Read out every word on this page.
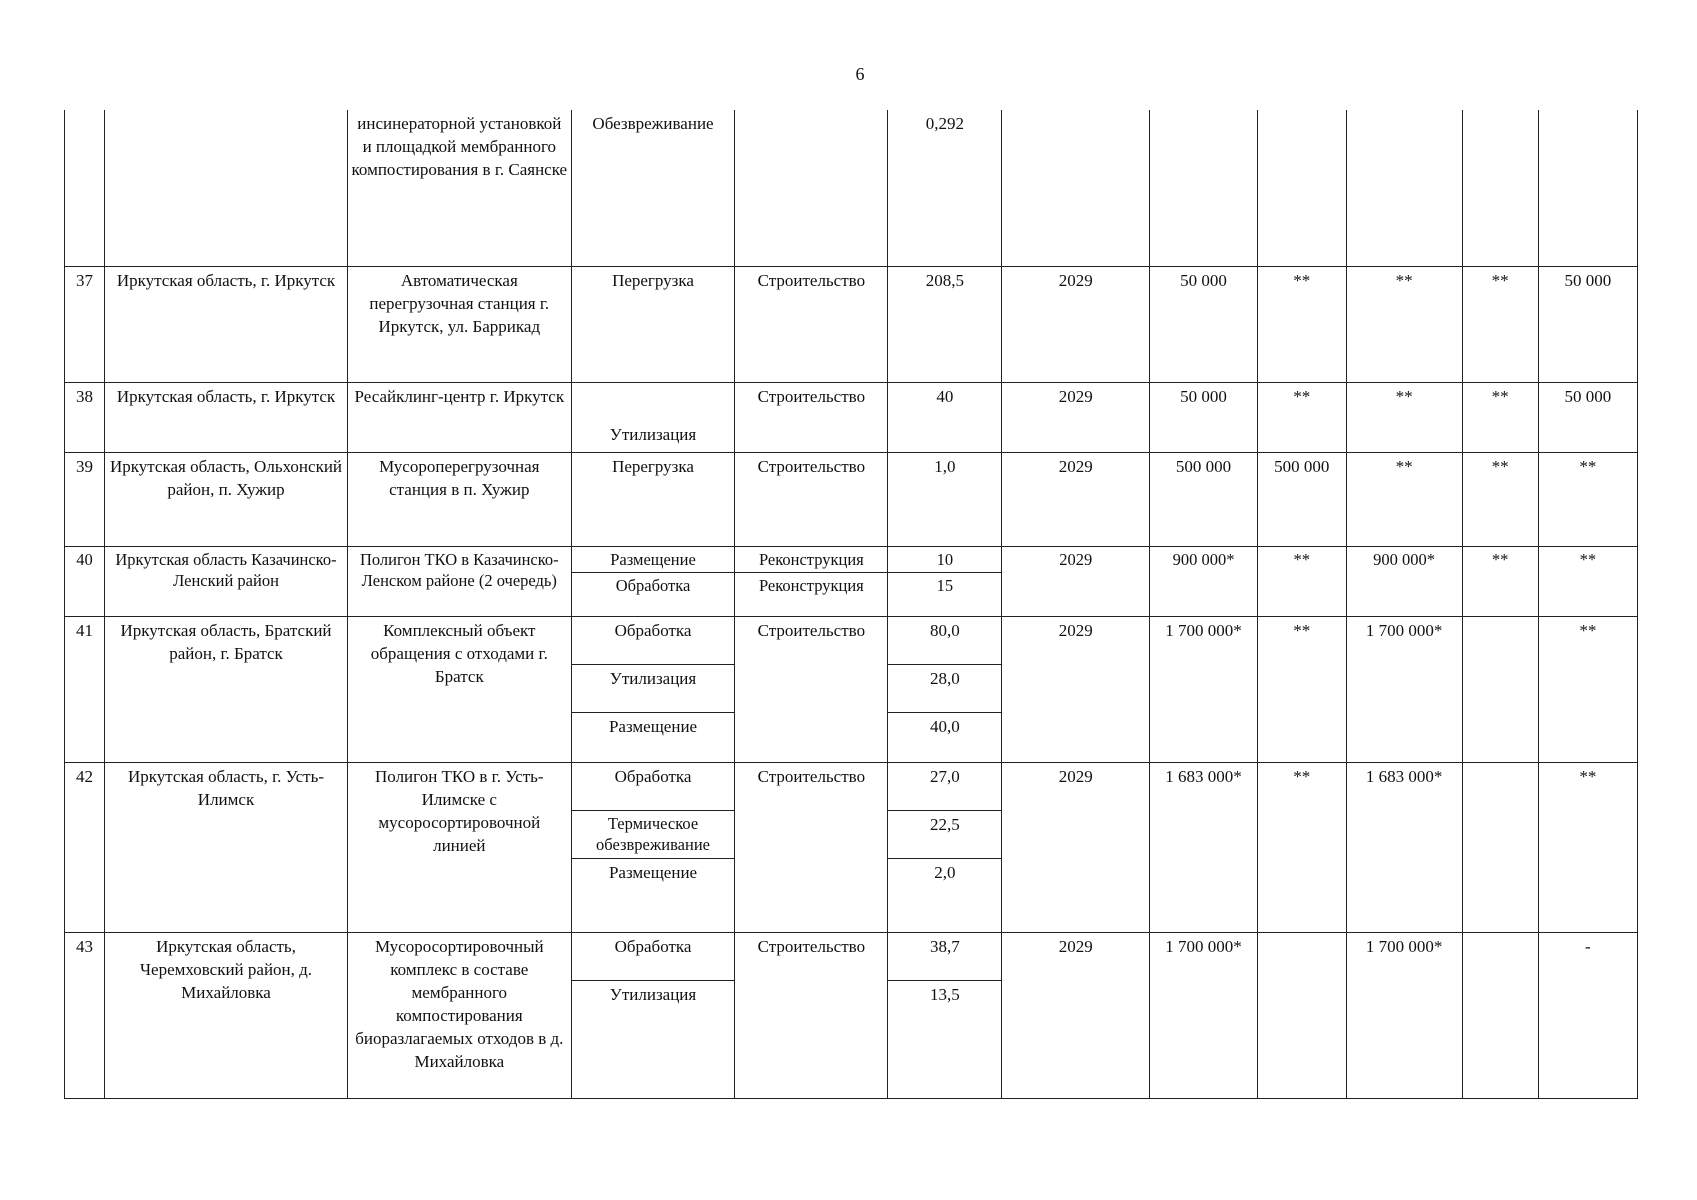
6
		инсинераторной установкой и площадкой мембранного компостирования в г. Саянске	Обезвреживание		0,292						
37	Иркутская область, г. Иркутск	Автоматическая перегрузочная станция г. Иркутск, ул. Баррикад	Перегрузка	Строительство	208,5	2029	50 000	**	**	**	50 000
38	Иркутская область, г. Иркутск	Ресайклинг-центр г. Иркутск	Утилизация	Строительство	40	2029	50 000	**	**	**	50 000
39	Иркутская область, Ольхонский район, п. Хужир	Мусороперегрузочная станция в п. Хужир	Перегрузка	Строительство	1,0	2029	500 000	500 000	**	**	**
40	Иркутская область Казачинско-Ленский район	Полигон ТКО в Казачинско-Ленском районе (2 очередь)	Размещение	Реконструкция	10	2029	900 000*	**	900 000*	**	**
			Обработка	Реконструкция	15						
41	Иркутская область, Братский район, г. Братск	Комплексный объект обращения с отходами г. Братск	Обработка	Строительство	80,0	2029	1 700 000*	**	1 700 000*		**
			Утилизация		28,0						
			Размещение		40,0						
42	Иркутская область, г. Усть-Илимск	Полигон ТКО в г. Усть-Илимске с мусоросортировочной линией	Обработка	Строительство	27,0	2029	1 683 000*	**	1 683 000*		**
			Термическое обезвреживание		22,5						
			Размещение		2,0						
43	Иркутская область, Черемховский район, д. Михайловка	Мусоросортировочный комплекс в составе мембранного компостирования биоразлагаемых отходов в д. Михайловка	Обработка	Строительство	38,7	2029	1 700 000*		1 700 000*		-
			Утилизация		13,5						
